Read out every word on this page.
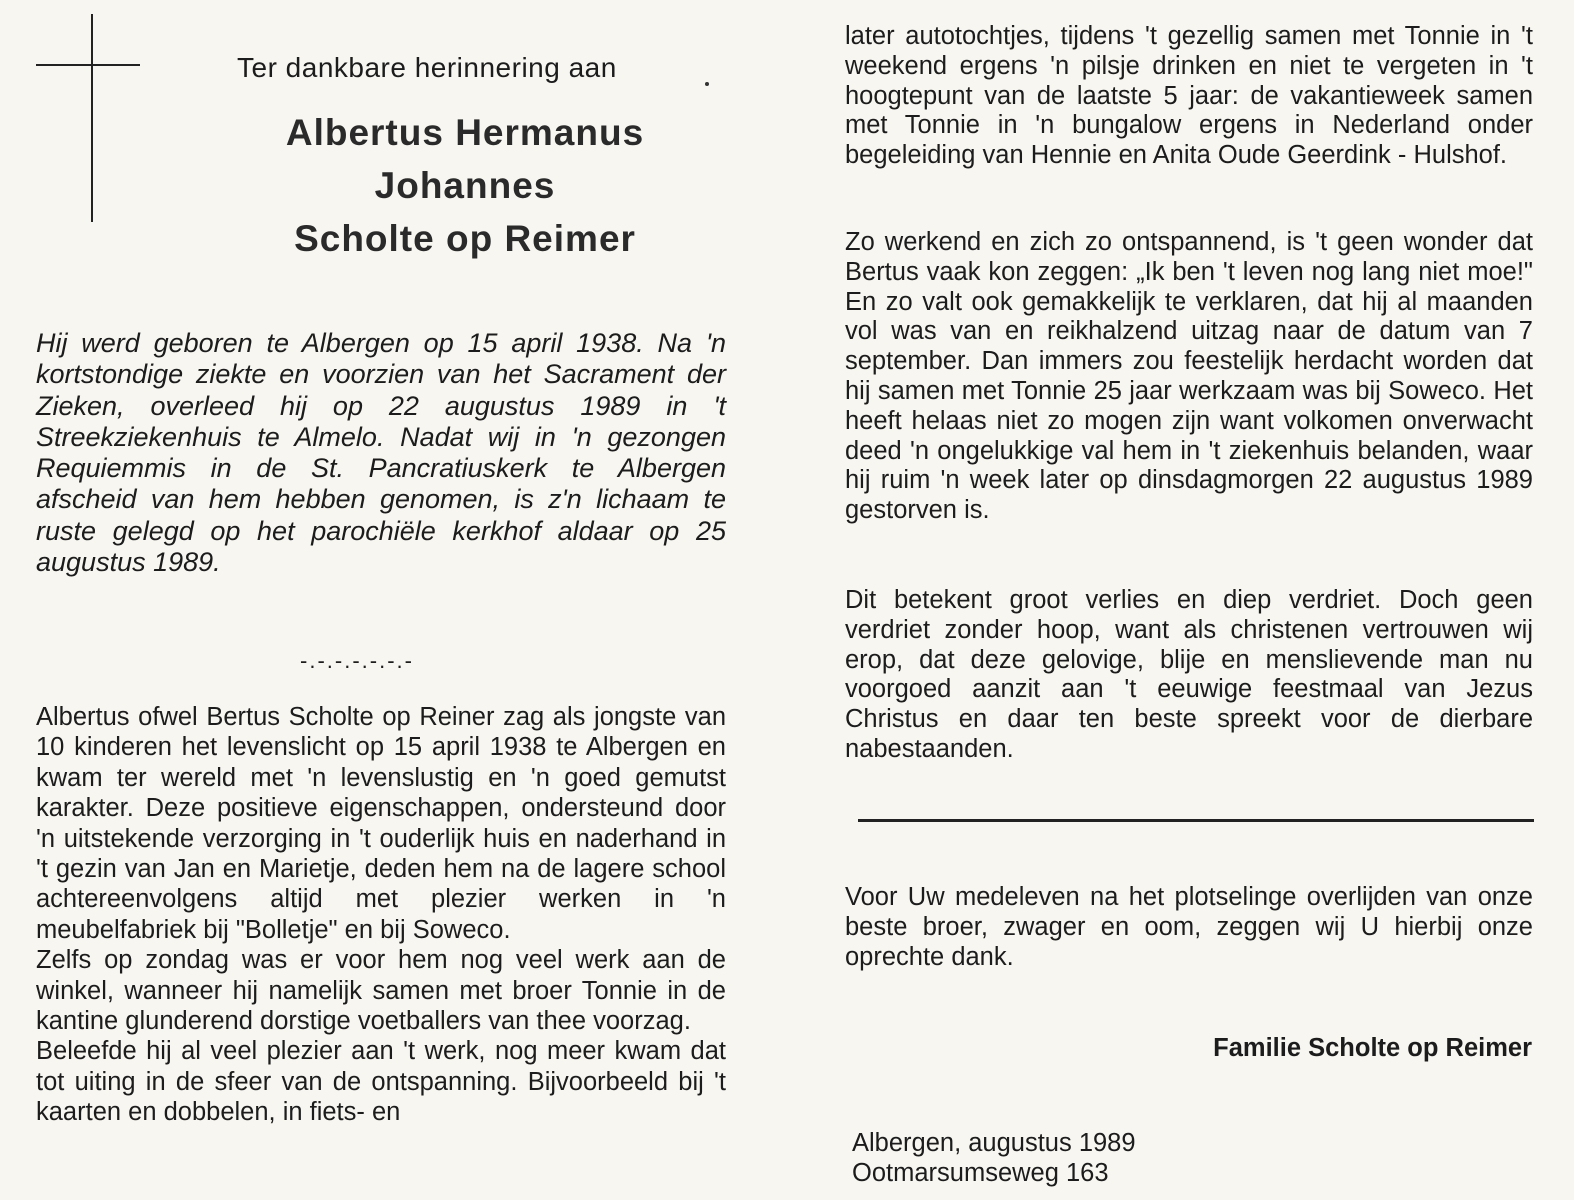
Ter dankbare herinnering aan
Albertus Hermanus
Johannes
Scholte op Reimer
Hij werd geboren te Albergen op 15 april 1938. Na 'n kortstondige ziekte en voorzien van het Sacrament der Zieken, overleed hij op 22 augustus 1989 in 't Streekziekenhuis te Almelo. Nadat wij in 'n gezongen Requiemmis in de St. Pancratiuskerk te Albergen afscheid van hem hebben genomen, is z'n lichaam te ruste gelegd op het parochiële kerkhof aldaar op 25 augustus 1989.
-.-.-.-.-.-.-

Albertus ofwel Bertus Scholte op Reiner zag als jongste van 10 kinderen het levenslicht op 15 april 1938 te Albergen en kwam ter wereld met 'n levenslustig en 'n goed gemutst karakter. Deze positieve eigenschappen, ondersteund door 'n uitstekende verzorging in 't ouderlijk huis en naderhand in 't gezin van Jan en Marietje, deden hem na de lagere school achtereenvolgens altijd met plezier werken in 'n meubelfabriek bij "Bolletje" en bij Soweco.

Zelfs op zondag was er voor hem nog veel werk aan de winkel, wanneer hij namelijk samen met broer Tonnie in de kantine glunderend dorstige voetballers van thee voorzag.

Beleefde hij al veel plezier aan 't werk, nog meer kwam dat tot uiting in de sfeer van de ontspanning. Bijvoorbeeld bij 't kaarten en dobbelen, in fiets- en

later autotochtjes, tijdens 't gezellig samen met Tonnie in 't weekend ergens 'n pilsje drinken en niet te vergeten in 't hoogtepunt van de laatste 5 jaar: de vakantieweek samen met Tonnie in 'n bungalow ergens in Nederland onder begeleiding van Hennie en Anita Oude Geerdink - Hulshof.

Zo werkend en zich zo ontspannend, is 't geen wonder dat Bertus vaak kon zeggen: „Ik ben 't leven nog lang niet moe!" En zo valt ook gemakkelijk te verklaren, dat hij al maanden vol was van en reikhalzend uitzag naar de datum van 7 september. Dan immers zou feestelijk herdacht worden dat hij samen met Tonnie 25 jaar werkzaam was bij Soweco. Het heeft helaas niet zo mogen zijn want volkomen onverwacht deed 'n ongelukkige val hem in 't ziekenhuis belanden, waar hij ruim 'n week later op dinsdagmorgen 22 augustus 1989 gestorven is.

Dit betekent groot verlies en diep verdriet. Doch geen verdriet zonder hoop, want als christenen vertrouwen wij erop, dat deze gelovige, blije en menslievende man nu voorgoed aanzit aan 't eeuwige feestmaal van Jezus Christus en daar ten beste spreekt voor de dierbare nabestaanden.

Voor Uw medeleven na het plotselinge overlijden van onze beste broer, zwager en oom, zeggen wij U hierbij onze oprechte dank.

Familie Scholte op Reimer
Albergen, augustus 1989
Ootmarsumseweg 163
